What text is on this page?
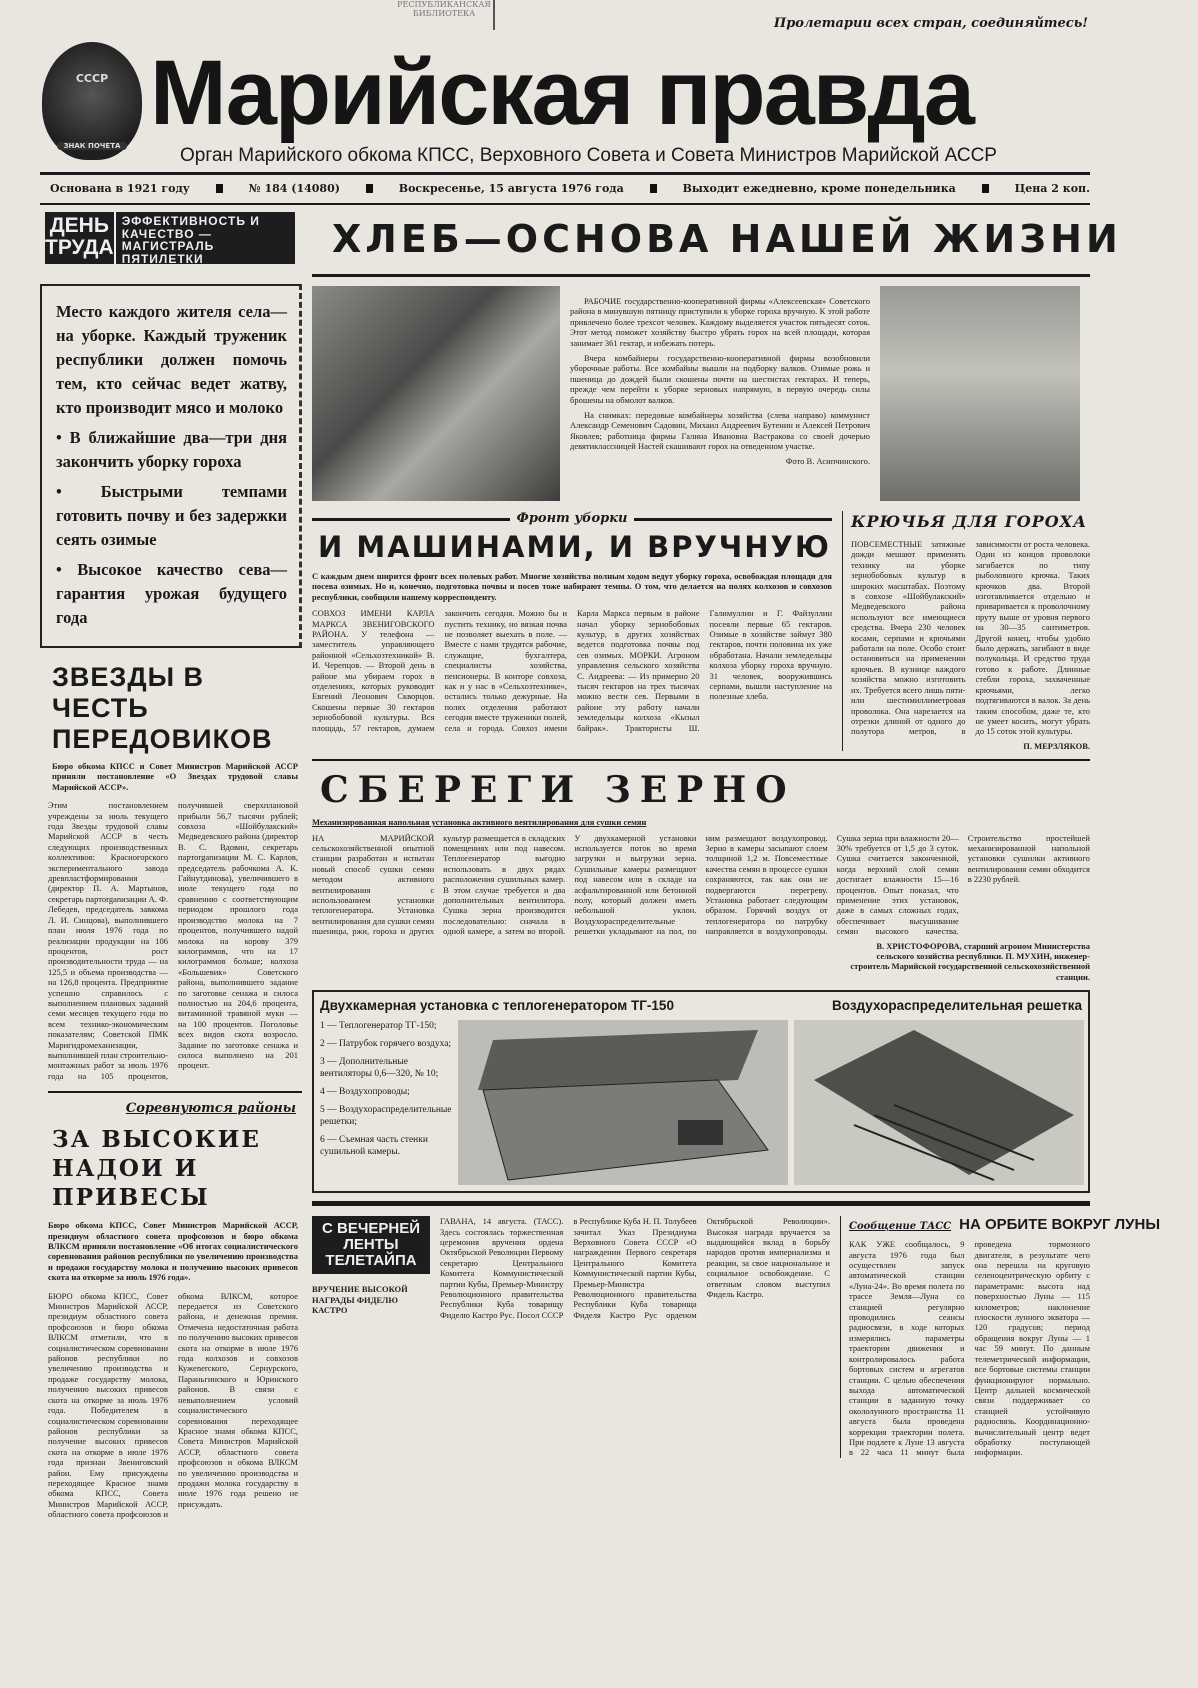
РЕСПУБЛИКАНСКАЯ БИБЛИОТЕКА
СССР
ЗНАК ПОЧЕТА
Пролетарии всех стран, соединяйтесь!
Марийская правда
Орган Марийского обкома КПСС, Верховного Совета и Совета Министров Марийской АССР
Основана в 1921 году	№ 184 (14080)	Воскресенье, 15 августа 1976 года	Выходит ежедневно, кроме понедельника	Цена 2 коп.
ДЕНЬ ТРУДА
ЭФФЕКТИВНОСТЬ И КАЧЕСТВО — МАГИСТРАЛЬ ПЯТИЛЕТКИ

Место каждого жителя села—на уборке. Каждый труженик республики должен помочь тем, кто сейчас ведет жатву, кто производит мясо и молоко

• В ближайшие два—три дня закончить уборку гороха
• Быстрыми темпами готовить почву и без задержки сеять озимые
• Высокое качество сева—гарантия урожая будущего года
ЗВЕЗДЫ В ЧЕСТЬ ПЕРЕДОВИКОВ
Бюро обкома КПСС и Совет Министров Марийской АССР приняли постановление «О Звездах трудовой славы Марийской АССР».
Этим постановлением учреждены за июль текущего года Звезды трудовой славы Марийской АССР в честь следующих производственных коллективов: Красногорского экспериментального завода древпластформирования (директор П. А. Мартынов, секретарь партorganизации А. Ф. Лебедев, председатель завкома Л. И. Синцова), выполнившего план июля 1976 года по реализации продукции на 106 процентов, рост производительности труда — на 125,5 и объема производства — на 126,8 процента. Предприятие успешно справилось с выполнением плановых заданий семи месяцев текущего года по всем технико-экономическим показателям; Советской ПМК Маригидромеханизации, выполнившей план строительно-монтажных работ за июль 1976 года на 105 процентов, получившей сверхплановой прибыли 56,7 тысячи рублей; совхоза «Шойбулакский» Медведевского района (директор В. С. Вдовин, секретарь партorganизации М. С. Карлов, председатель рабочкома А. К. Гайнутдинова), увеличившего в июле текущего года по сравнению с соответствующим периодом прошлого года производство молока на 7 процентов, получившего надой молока на корову 379 килограммов, что на 17 килограммов больше; колхоза «Большевик» Советского района, выполнившего задание по заготовке сенажа и силоса полностью на 204,6 процента, витаминной травяной муки — на 100 процентов. Поголовье всех видов скота возросло. Задание по заготовке сенажа и силоса выполнено на 201 процент.
Соревнуются районы
ЗА ВЫСОКИЕ НАДОИ И ПРИВЕСЫ
Бюро обкома КПСС, Совет Министров Марийской АССР, президиум областного совета профсоюзов и бюро обкома ВЛКСМ приняли постановление «Об итогах социалистического соревнования районов республики по увеличению производства и продажи государству молока и получению высоких привесов скота на откорме за июль 1976 года».
БЮРО обкома КПСС, Совет Министров Марийской АССР, президиум областного совета профсоюзов и бюро обкома ВЛКСМ отметили, что в социалистическом соревновании районов республики по увеличению производства и продаже государству молока, получению высоких привесов скота на откорме за июль 1976 года. Победителем в социалистическом соревновании районов республики за получение высоких привесов скота на откорме в июле 1976 года признан Звениговский район. Ему присуждены переходящее Красное знамя обкома КПСС, Совета Министров Марийской АССР, областного совета профсоюзов и обкома ВЛКСМ, которое передается из Советского района, и денежная премия. Отмечена недостаточная работа по получению высоких привесов скота на откорме в июле 1976 года колхозов и совхозов Кужenerского, Сернурского, Параньгинского и Юринского районов. В связи с невыполнением условий социалистического соревнования переходящее Красное знамя обкома КПСС, Совета Министров Марийской АССР, областного совета профсоюзов и обкома ВЛКСМ по увеличению производства и продажи молока государству в июле 1976 года решено не присуждать.
ХЛЕБ—ОСНОВА НАШЕЙ ЖИЗНИ

РАБОЧИЕ государственно-кооперативной фирмы «Алексеевская» Советского района в минувшую пятницу приступили к уборке гороха вручную. К этой работе привлечено более трехсот человек. Каждому выделяется участок пятьдесят соток. Этот метод поможет хозяйству быстро убрать горох на всей площади, которая занимает 361 гектар, и избежать потерь.

Вчера комбайнеры государственно-кооперативной фирмы возобновили уборочные работы. Все комбайны вышли на подборку валков. Озимые рожь и пшеница до дождей были скошены почти на шестистах гектарах. И теперь, прежде чем перейти к уборке зерновых напрямую, в первую очередь силы брошены на обмолот валков.

На снимках: передовые комбайнеры хозяйства (слева направо) коммунист Александр Семенович Садовин, Михаил Андреевич Бутенин и Алексей Петрович Яковлев; работница фирмы Галина Ивановна Ваcтракова со своей дочерью девятиклассницей Настей скашивают горох на отведенном участке.

Фото В. Асипчинского.

Фронт уборки
И МАШИНАМИ, И ВРУЧНУЮ
С каждым днем ширится фронт всех полевых работ. Многие хозяйства полным ходом ведут уборку гороха, освобождая площади для посева озимых. Но и, конечно, подготовка почвы и посев тоже набирают темпы. О том, что делается на полях колхозов и совхозов республики, сообщили нашему корреспонденту.
СОВХОЗ ИМЕНИ КАРЛА МАРКСА ЗВЕНИГОВСКОГО РАЙОНА. У телефона — заместитель управляющего районной «Сельхозтехникой» В. И. Черепцов. — Второй день в районе мы убираем горох в отделениях, которых руководит Евгений Леонович Скворцов. Скошены первые 30 гектаров зернобобовой культуры. Вся площадь, 57 гектаров, думаем закончить сегодня. Можно бы и пустить технику, но вязкая почва не позволяет выехать в поле. — Вместе с нами трудятся рабочие, служащие, бухгалтера, специалисты хозяйства, пенсионеры. В конторе совхоза, как и у нас в «Сельхозтехнике», остались только дежурные. На полях отделения работают сегодня вместе труженики полей, села и города. Совхоз имени Карла Маркса первым в районе начал уборку зернобобовых культур, в других хозяйствах ведется подготовка почвы под сев озимых. МОРКИ. Агроном управления сельского хозяйства С. Андреева: — Из примерно 20 тысяч гектаров на трех тысячах можно вести сев. Первыми в районе эту работу начали земледельцы колхоза «Кызыл байрак». Трактористы Ш. Галимуллин и Г. Файзуллин посеяли первые 65 гектаров. Озимые в хозяйстве займут 380 гектаров, почти половина их уже обработана. Начали земледельцы колхоза уборку гороха вручную. 31 человек, вооружившись серпами, вышли наступление на полезные хлеба.
КРЮЧЬЯ ДЛЯ ГОРОХА
ПОВСЕМЕСТНЫЕ затяжные дожди мешают применять технику на уборке зернобобовых культур в широких масштабах. Поэтому в совхозе «Шойбулакский» Медведевского района используют все имеющиеся средства. Вчера 230 человек косами, серпами и крючьями работали на поле. Особо стоит остановиться на применении крючьев. В кузнице каждого хозяйства можно изготовить их. Требуется всего лишь пяти- или шестимиллиметровая проволока. Она нарезается на отрезки длиной от одного до полутора метров, в зависимости от роста человека. Один из концов проволоки загибается по типу рыболовного крючка. Таких крючков два. Второй изготавливается отдельно и приваривается к проволочному пруту выше от уровня первого на 30—35 сантиметров. Другой конец, чтобы удобно было держать, загибают в виде полукольца. И средство труда готово к работе. Длинные стебли гороха, захваченные крючьями, легко подтягиваются в валок. За день таким способом, даже те, кто не умеет косить, могут убрать до 15 соток этой культуры.
П. МЕРЗЛЯКОВ.
СБЕРЕГИ ЗЕРНО
Механизированная напольная установка активного вентилирования для сушки семян
НА МАРИЙСКОЙ сельскохозяйственной опытной станции разработан и испытан новый способ сушки семян методом активного вентилирования с использованием установки теплогенератора. Установка вентилирования для сушки семян пшеницы, ржи, гороха и других культур размещается в складских помещениях или под навесом. Теплогенератор выгодно использовать в двух рядах расположения сушильных камер. В этом случае требуется и два дополнительных вентилятора. Сушка зерна производится последовательно: сначала в одной камере, а затем во второй. У двухкамерной установки используется поток во время загрузки и выгрузки зерна. Сушильные камеры размещают под навесом или в складе на асфальтированной или бетонной полу, который должен иметь небольшой уклон. Воздухораспределительные решетки укладывают на пол, по ним размещают воздухопровод. Зерно в камеры засыпают слоем толщиной 1,2 м. Повсеместные качества семян в процессе сушки сохраняются, так как они не подвергаются перегреву. Установка работает следующим образом. Горячий воздух от теплогенератора по патрубку направляется в воздухопроводы. Сушка зерна при влажности 20—30% требуется от 1,5 до 3 суток. Сушка считается законченной, когда верхний слой семян достигает влажности 15—16 процентов. Опыт показал, что применение этих установок, даже в самых сложных годах, обеспечивает высушивание семян высокого качества. Строительство простейшей механизированной напольной установки сушилки активного вентилирования семян обходится в 2230 рублей.
В. ХРИСТОФОРОВА, старший агроном Министерства сельского хозяйства республики. П. МУХИН, инженер-строитель Марийской государственной сельскохозяйственной станции.
Двухкамерная установка с теплогенератором ТГ-150	Воздухораспределительная решетка
1 — Теплогенератор ТГ-150;
2 — Патрубок горячего воздуха;
3 — Дополнительные вентиляторы 0,6—320, № 10;
4 — Воздухопроводы;
5 — Воздухораспределительные решетки;
6 — Съемная часть стенки сушильной камеры.
С ВЕЧЕРНЕЙ ЛЕНТЫ ТЕЛЕТАЙПА
ВРУЧЕНИЕ ВЫСОКОЙ НАГРАДЫ ФИДЕЛЮ КАСТРО
ГАВАНА, 14 августа. (ТАСС). Здесь состоялась торжественная церемония вручения ордена Октябрьской Революции Первому секретарю Центрального Комитета Коммунистической партии Кубы, Премьер-Министру Революционного правительства Республики Куба товарищу Фиделю Кастро Рус. Посол СССР в Республике Куба Н. П. Толубеев зачитал Указ Президиума Верховного Совета СССР «О награждении Первого секретаря Центрального Комитета Коммунистической партии Кубы, Премьер-Министра Революционного правительства Республики Куба товарища Фиделя Кастро Рус орденом Октябрьской Революции». Высокая награда вручается за выдающийся вклад в борьбу народов против империализма и реакции, за свое национальное и социальное освобождение. С ответным словом выступил Фидель Кастро.
Сообщение ТАСС НА ОРБИТЕ ВОКРУГ ЛУНЫ
КАК УЖЕ сообщалось, 9 августа 1976 года был осуществлен запуск автоматической станции «Луна-24». Во время полета по трассе Земля—Луна со станцией регулярно проводились сеансы радиосвязи, в ходе которых измерялись параметры траектории движения и контролировалось работа бортовых систем и агрегатов станции. С целью обеспечения выхода автоматической станции в заданную точку окололунного пространства 11 августа была проведена коррекция траектории полета. При подлете к Луне 13 августа в 22 часа 11 минут была проведена тормозного двигателя, в результате чего она перешла на круговую селеноцентрическую орбиту с параметрами: высота над поверхностью Луны — 115 километров; наклонение плоскости лунного экватора — 120 градусов; период обращения вокруг Луны — 1 час 59 минут. По данным телеметрической информации, все бортовые системы станции функционируют нормально. Центр дальней космической связи поддерживает со станцией устойчивую радиосвязь. Координационно-вычислительный центр ведет обработку поступающей информации.
